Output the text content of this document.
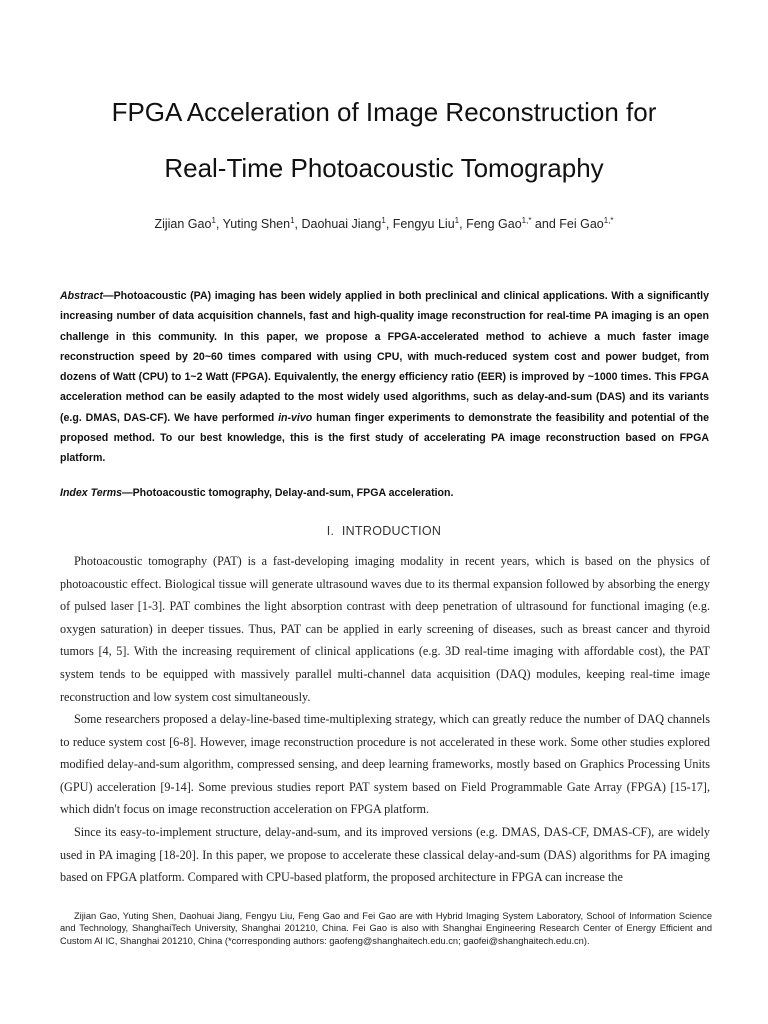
FPGA Acceleration of Image Reconstruction for
Real-Time Photoacoustic Tomography
Zijian Gao$^1$, Yuting Shen$^1$, Daohuai Jiang$^1$, Fengyu Liu$^1$, Feng Gao$^{1,*}$ and Fei Gao$^{1,*}$

Abstract—Photoacoustic (PA) imaging has been widely applied in both preclinical and clinical applications. With a significantly increasing number of data acquisition channels, fast and high-quality image reconstruction for real-time PA imaging is an open challenge in this community. In this paper, we propose a FPGA-accelerated method to achieve a much faster image reconstruction speed by 20~60 times compared with using CPU, with much-reduced system cost and power budget, from dozens of Watt (CPU) to 1~2 Watt (FPGA). Equivalently, the energy efficiency ratio (EER) is improved by ~1000 times. This FPGA acceleration method can be easily adapted to the most widely used algorithms, such as delay-and-sum (DAS) and its variants (e.g. DMAS, DAS-CF). We have performed in-vivo human finger experiments to demonstrate the feasibility and potential of the proposed method. To our best knowledge, this is the first study of accelerating PA image reconstruction based on FPGA platform.

Index Terms—Photoacoustic tomography, Delay-and-sum, FPGA acceleration.

I. INTRODUCTION

Photoacoustic tomography (PAT) is a fast-developing imaging modality in recent years, which is based on the physics of photoacoustic effect. Biological tissue will generate ultrasound waves due to its thermal expansion followed by absorbing the energy of pulsed laser [1-3]. PAT combines the light absorption contrast with deep penetration of ultrasound for functional imaging (e.g. oxygen saturation) in deeper tissues. Thus, PAT can be applied in early screening of diseases, such as breast cancer and thyroid tumors [4, 5]. With the increasing requirement of clinical applications (e.g. 3D real-time imaging with affordable cost), the PAT system tends to be equipped with massively parallel multi-channel data acquisition (DAQ) modules, keeping real-time image reconstruction and low system cost simultaneously.

Some researchers proposed a delay-line-based time-multiplexing strategy, which can greatly reduce the number of DAQ channels to reduce system cost [6-8]. However, image reconstruction procedure is not accelerated in these work. Some other studies explored modified delay-and-sum algorithm, compressed sensing, and deep learning frameworks, mostly based on Graphics Processing Units (GPU) acceleration [9-14]. Some previous studies report PAT system based on Field Programmable Gate Array (FPGA) [15-17], which didn't focus on image reconstruction acceleration on FPGA platform.

Since its easy-to-implement structure, delay-and-sum, and its improved versions (e.g. DMAS, DAS-CF, DMAS-CF), are widely used in PA imaging [18-20]. In this paper, we propose to accelerate these classical delay-and-sum (DAS) algorithms for PA imaging based on FPGA platform. Compared with CPU-based platform, the proposed architecture in FPGA can increase the

Zijian Gao, Yuting Shen, Daohuai Jiang, Fengyu Liu, Feng Gao and Fei Gao are with Hybrid Imaging System Laboratory, School of Information Science and Technology, ShanghaiTech University, Shanghai 201210, China. Fei Gao is also with Shanghai Engineering Research Center of Energy Efficient and Custom AI IC, Shanghai 201210, China (*corresponding authors: gaofeng@shanghaitech.edu.cn; gaofei@shanghaitech.edu.cn).
